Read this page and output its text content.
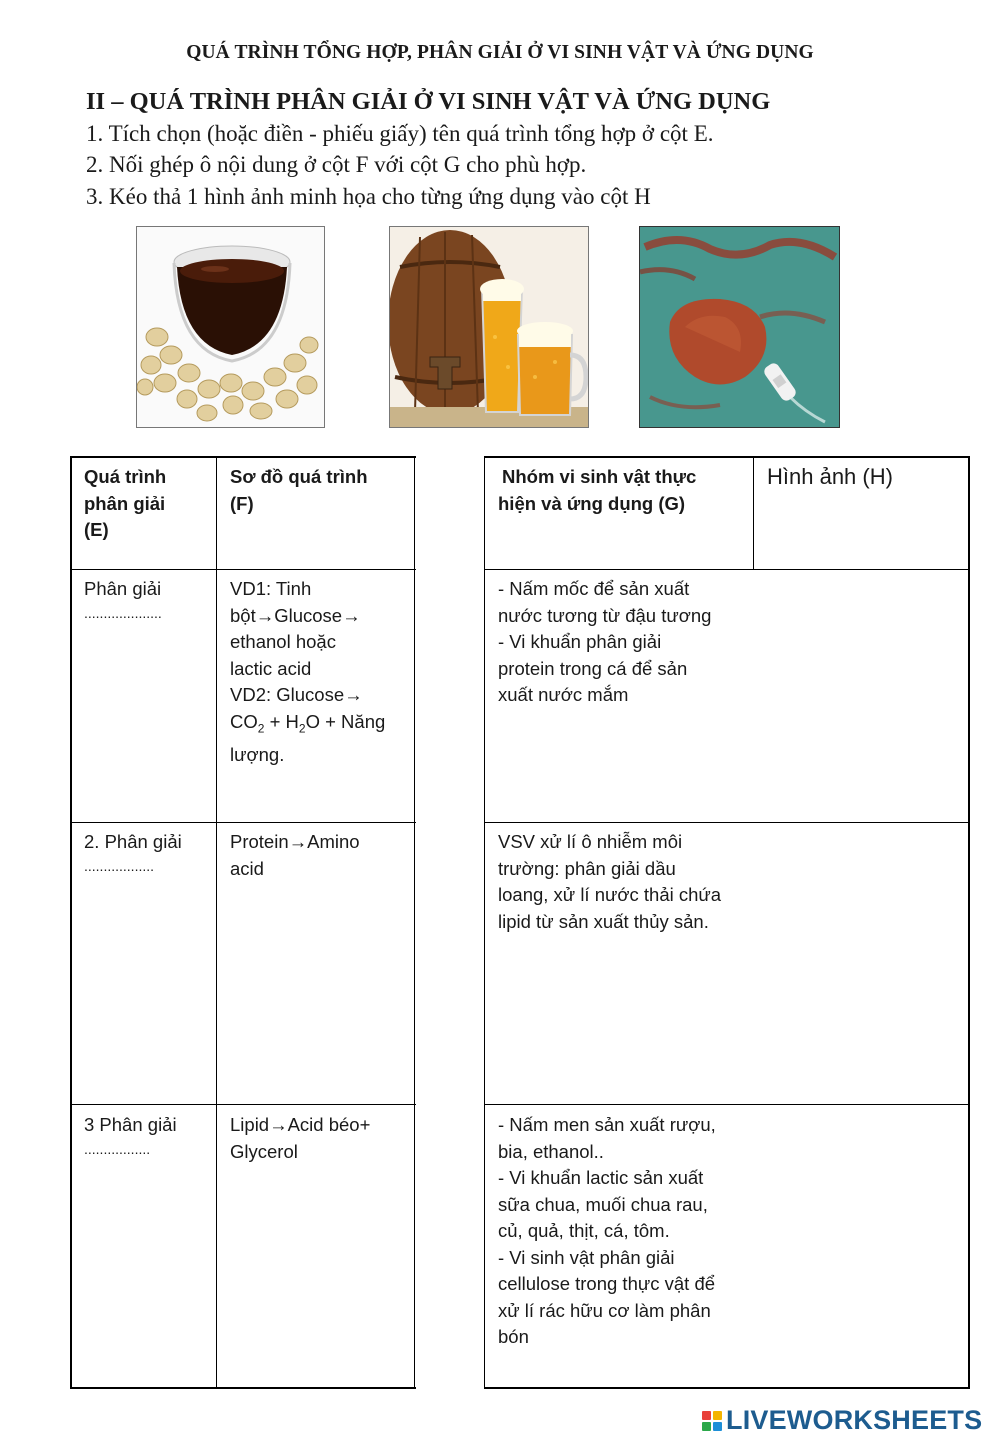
QUÁ TRÌNH TỔNG HỢP, PHÂN GIẢI Ở VI SINH VẬT VÀ ỨNG DỤNG
II – QUÁ TRÌNH PHÂN GIẢI Ở VI SINH VẬT VÀ ỨNG DỤNG
1. Tích chọn (hoặc điền - phiếu giấy) tên quá trình tổng hợp ở cột E.
2. Nối ghép ô nội dung ở cột F với cột G cho phù hợp.
3. Kéo thả 1 hình ảnh minh họa cho từng ứng dụng vào cột H
Quá trình
phân giải
(E)
Sơ đồ quá trình
(F)
Nhóm vi sinh vật thực
hiện và ứng dụng (G)
Hình ảnh (H)
Phân giải
....................
VD1: Tinh
bột→Glucose→
ethanol hoặc
lactic acid
VD2: Glucose→
$CO_2 + H_2O$ + Năng
lượng.
- Nấm mốc để sản xuất
nước tương từ đậu tương
- Vi khuẩn phân giải
protein trong cá để sản
xuất nước mắm
2. Phân giải
..................
Protein→Amino
acid
VSV xử lí ô nhiễm môi
trường: phân giải dầu
loang, xử lí nước thải chứa
lipid từ sản xuất thủy sản.
3 Phân giải
.................
Lipid→Acid béo+
Glycerol
- Nấm men sản xuất rượu,
bia, ethanol..
- Vi khuẩn lactic sản xuất
sữa chua, muối chua rau,
củ, quả, thịt, cá, tôm.
- Vi sinh vật phân giải
cellulose trong thực vật để
xử lí rác hữu cơ làm phân
bón
LIVEWORKSHEETS
